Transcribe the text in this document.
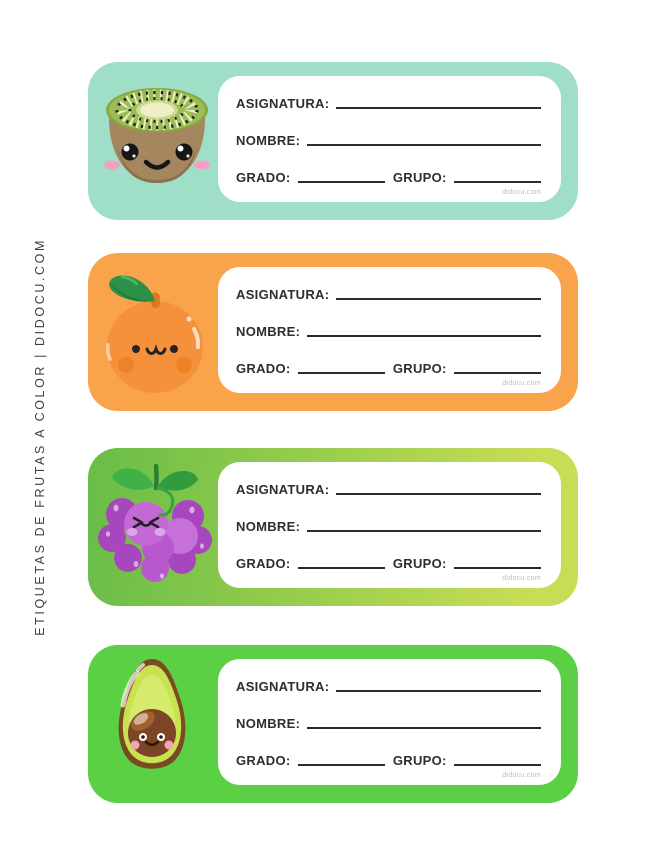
ETIQUETAS DE FRUTAS A COLOR | DIDOCU.COM
ASIGNATURA:
NOMBRE:
GRADO:	GRUPO:
didocu.com
ASIGNATURA:
NOMBRE:
GRADO:	GRUPO:
didocu.com
ASIGNATURA:
NOMBRE:
GRADO:	GRUPO:
didocu.com
ASIGNATURA:
NOMBRE:
GRADO:	GRUPO:
didocu.com
